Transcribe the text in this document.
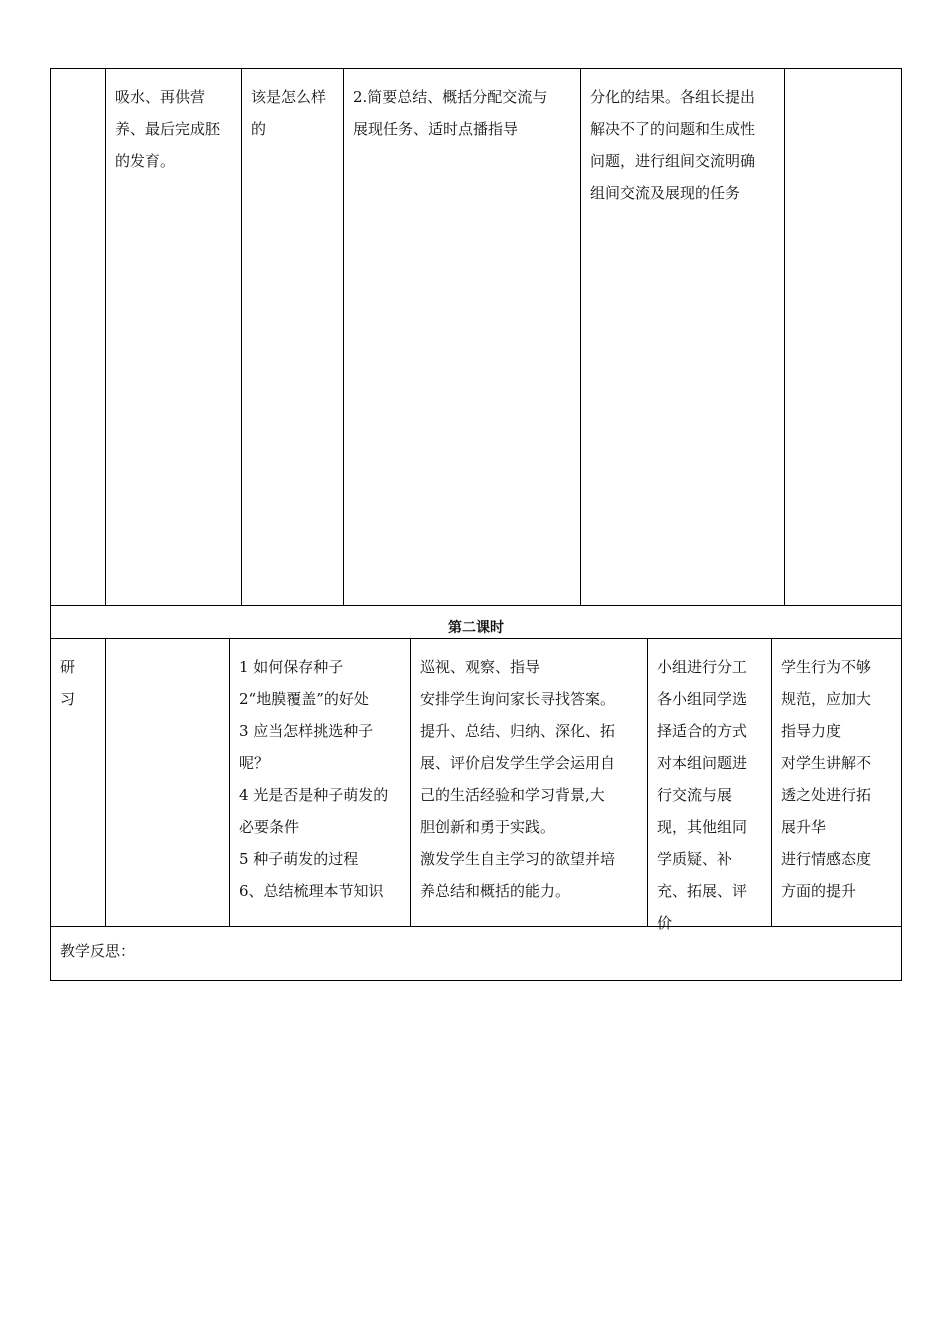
吸水、再供营
养、最后完成胚
的发育。
该是怎么样
的
2.简要总结、概括分配交流与
展现任务、适时点播指导
分化的结果。各组长提出
解决不了的问题和生成性
问题，进行组间交流明确
组间交流及展现的任务
第二课时
研
习
1 如何保存种子
2“地膜覆盖”的好处
3 应当怎样挑选种子
呢？
4 光是否是种子萌发的
必要条件
5 种子萌发的过程
6、总结梳理本节知识
巡视、观察、指导
安排学生询问家长寻找答案。
提升、总结、归纳、深化、拓
展、评价启发学生学会运用自
己的生活经验和学习背景,大
胆创新和勇于实践。
激发学生自主学习的欲望并培
养总结和概括的能力。
小组进行分工
各小组同学选
择适合的方式
对本组问题进
行交流与展
现，其他组同
学质疑、补
充、拓展、评
价
学生行为不够
规范，应加大
指导力度
对学生讲解不
透之处进行拓
展升华
进行情感态度
方面的提升
教学反思：
